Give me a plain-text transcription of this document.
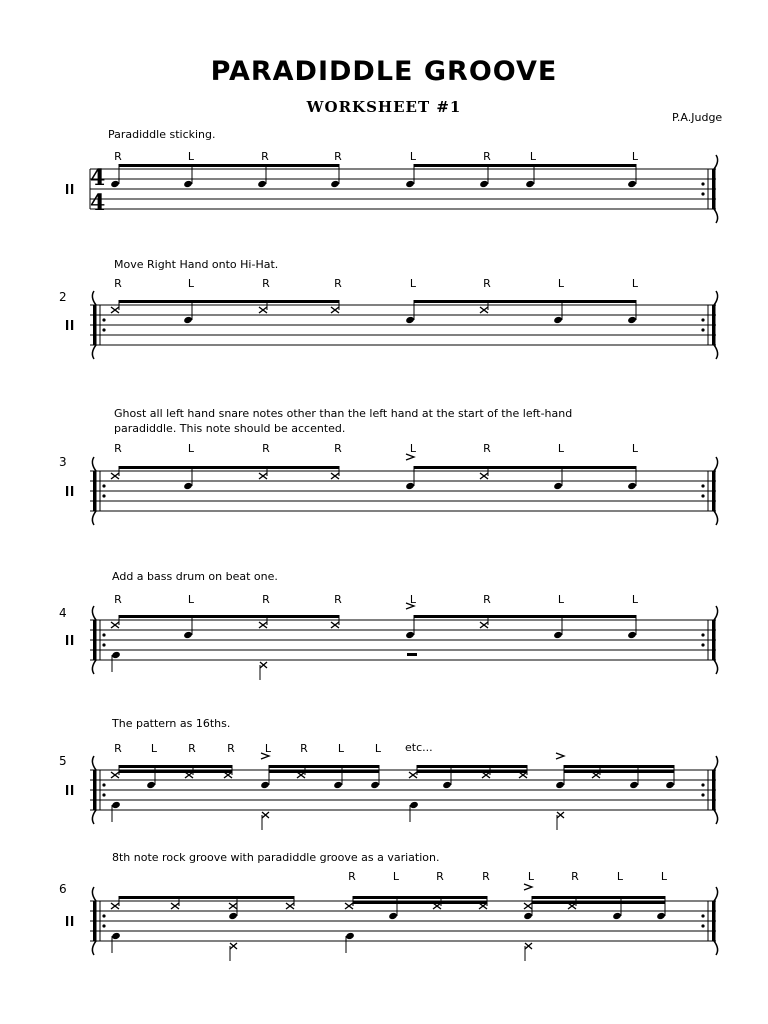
PARADIDDLE GROOVE
WORKSHEET #1
P.A.Judge
Paradiddle sticking.
4
4
2
Move Right Hand onto Hi-Hat.
3
Ghost all left hand snare notes other than the left hand at the start of the left-hand
paradiddle. This note should be accented.
4
Add a bass drum on beat one.
5
The pattern as 16ths.
etc...
6
8th note rock groove with paradiddle groove as a variation.
R	L	R	R	L	R	L	L
R	L	R	R	L	R	L	L
R	L	R	R	L	R	L	L
R	L	R	R	L	R	L	L
R	L	R	R	L	R	L	L
R	L	R	R	L	R	L	L
